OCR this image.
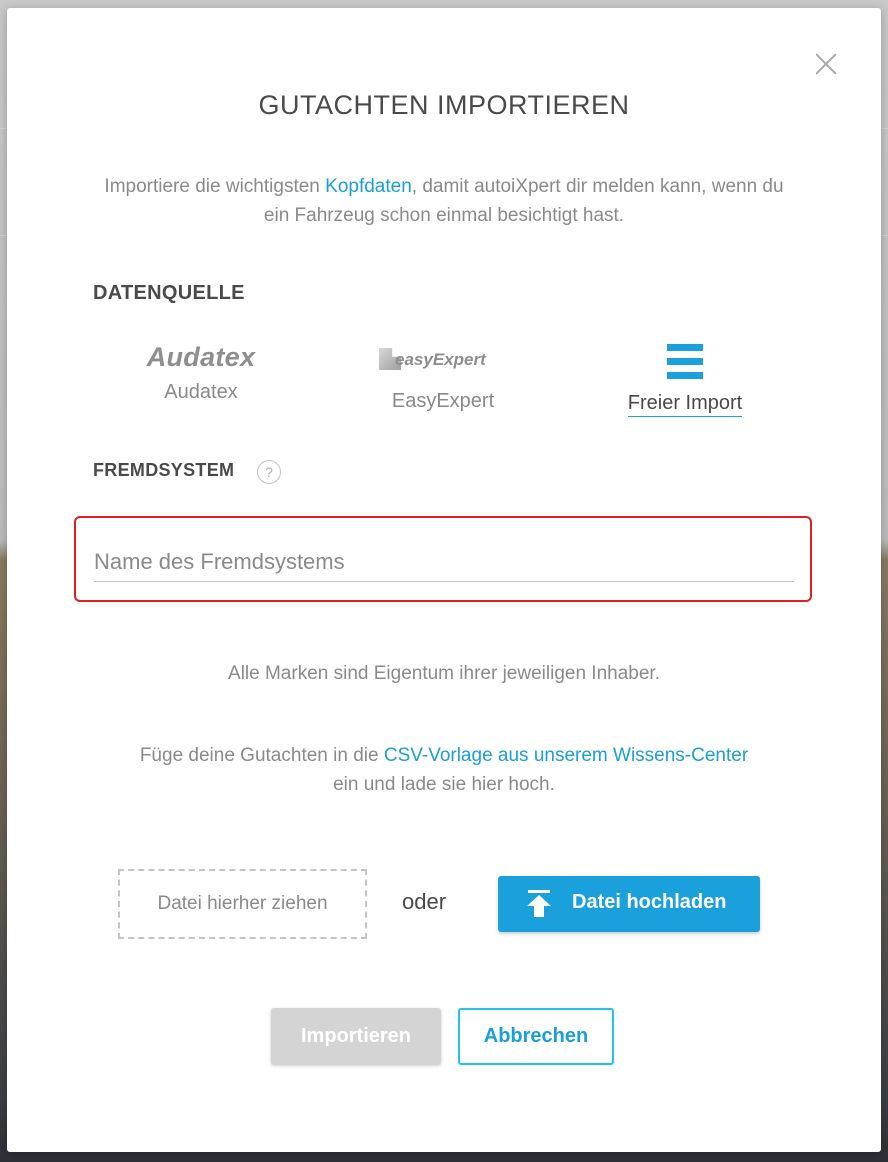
GUTACHTEN IMPORTIEREN
Importiere die wichtigsten Kopfdaten, damit autoiXpert dir melden kann, wenn du ein Fahrzeug schon einmal besichtigt hast.
DATENQUELLE
Audatex
Audatex
easyExpert
EasyExpert	Freier Import
FREMDSYSTEM	?
Name des Fremdsystems
Alle Marken sind Eigentum ihrer jeweiligen Inhaber.
Füge deine Gutachten in die CSV-Vorlage aus unserem Wissens-Center
ein und lade sie hier hoch.
Datei hierher ziehen	oder	Datei hochladen
Importieren	Abbrechen
